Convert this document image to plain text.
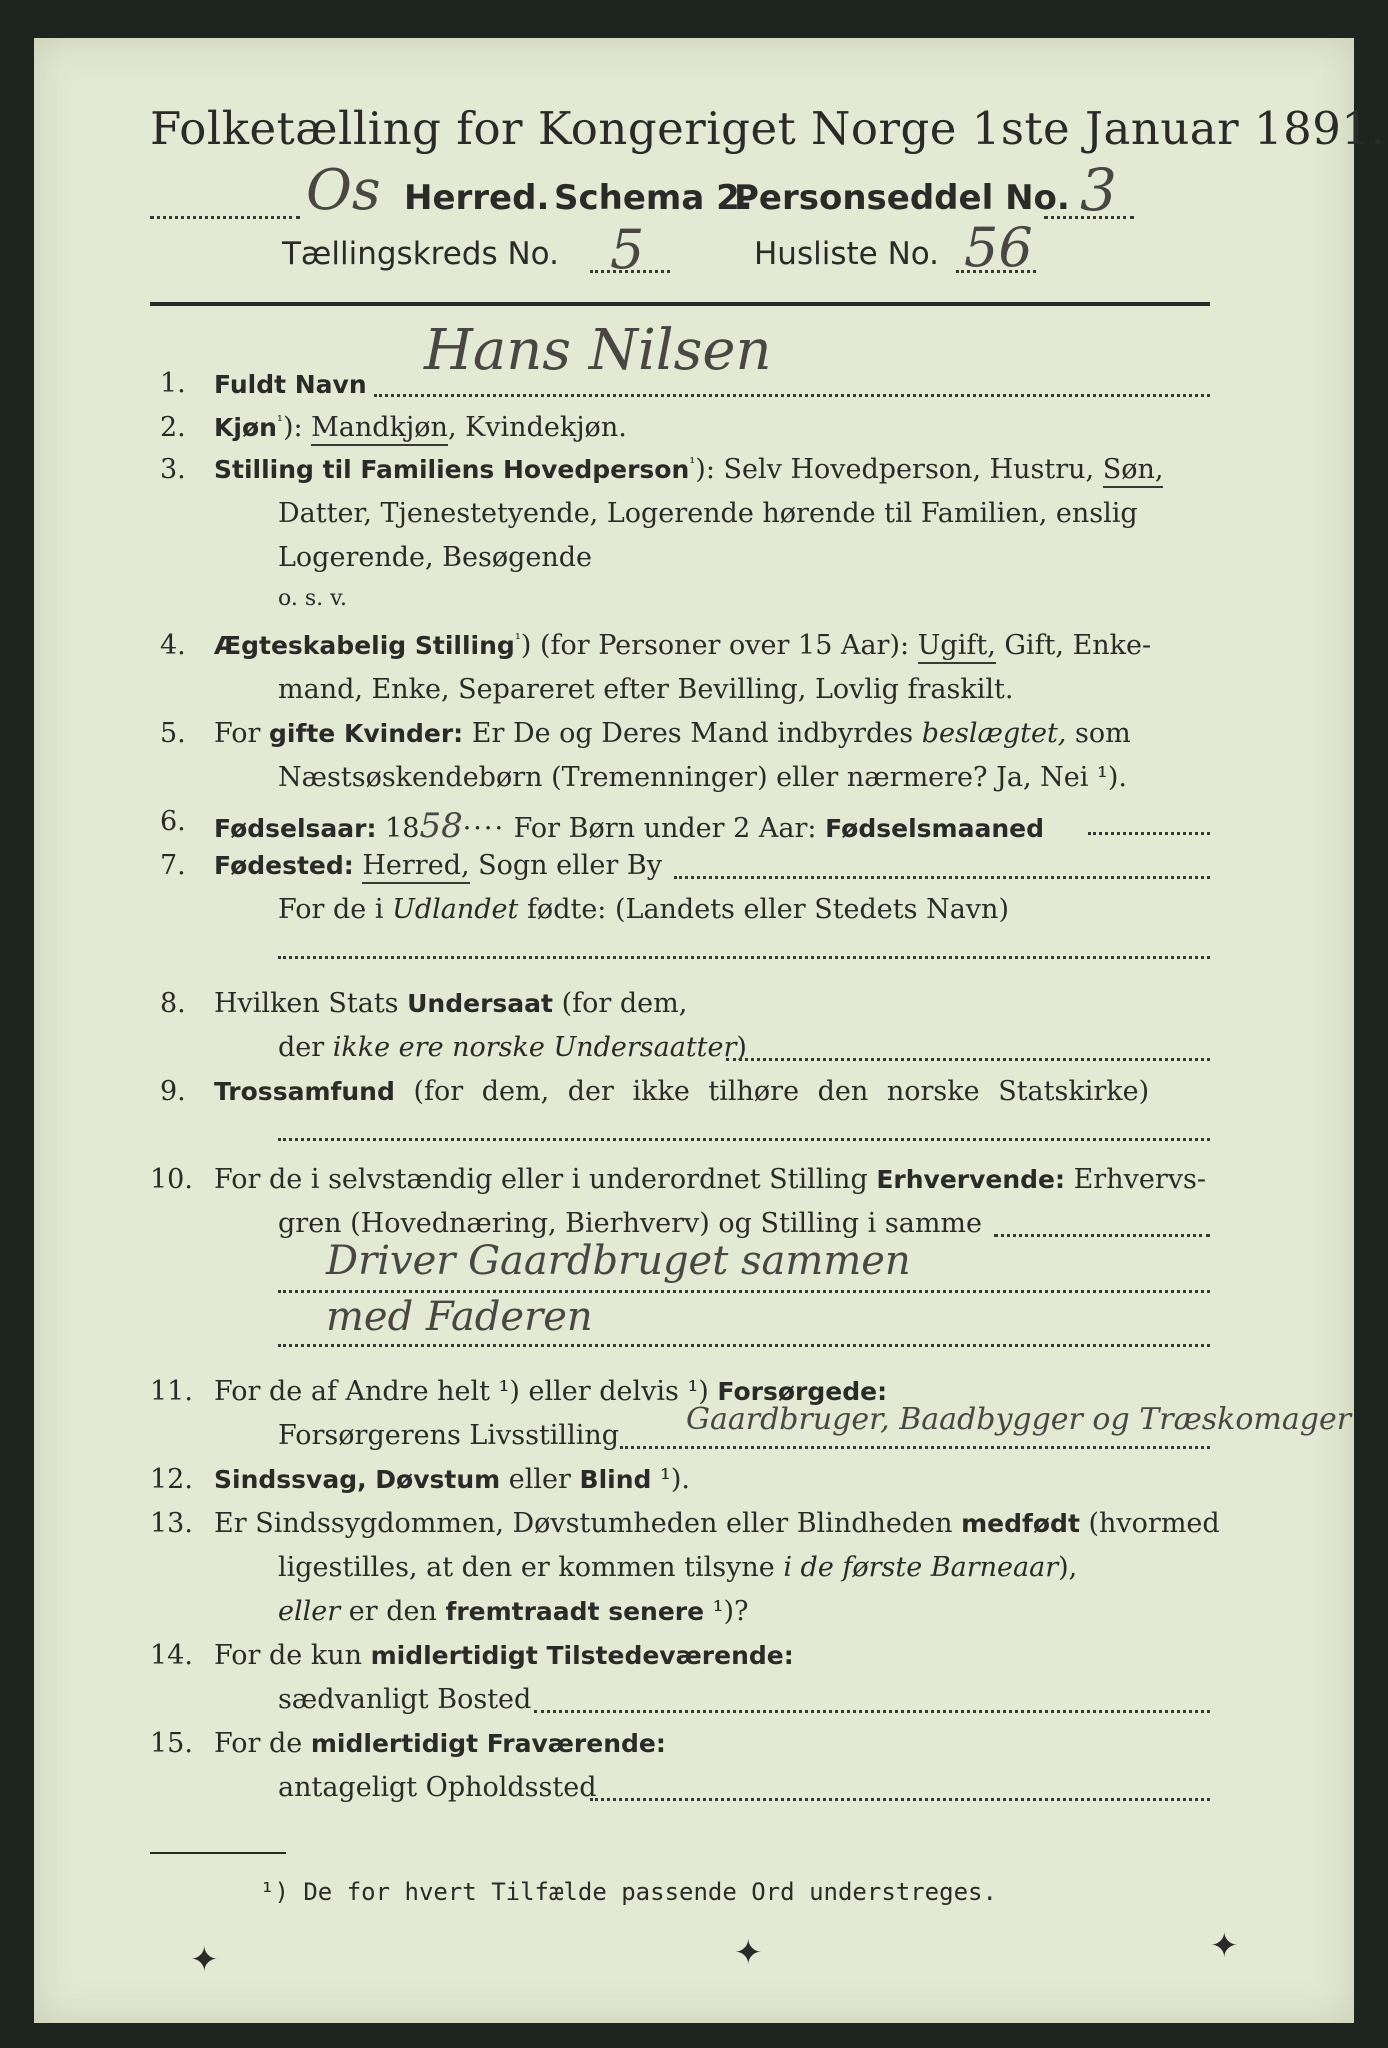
Folketælling for Kongeriget Norge 1ste Januar 1891.
Os Herred. Schema 2.
Personseddel No. 3
Tællingskreds No. 5	Husliste No. 56
1. Fuldt Navn
Hans Nilsen
2. Kjøn$^{^1}$): Mandkjøn, Kvindekjøn.
3. Stilling til Familiens Hovedperson$^{^1}$): Selv Hovedperson, Hustru, Søn,
Datter, Tjenestetyende, Logerende hørende til Familien, enslig
Logerende, Besøgende
o. s. v.
4. Ægteskabelig Stilling$^{^1}$) (for Personer over 15 Aar): Ugift, Gift, Enke-
mand, Enke, Separeret efter Bevilling, Lovlig fraskilt.
5. For gifte Kvinder: Er De og Deres Mand indbyrdes beslægtet, som
Næstsøskendebørn (Tremenninger) eller nærmere? Ja, Nei ¹).
6. Fødselsaar: 1858···· For Børn under 2 Aar: Fødselsmaaned
7. Fødested: Herred, Sogn eller By
For de i Udlandet fødte: (Landets eller Stedets Navn)
8. Hvilken Stats Undersaat (for dem,
der ikke ere norske Undersaatter)
9. Trossamfund (for dem, der ikke tilhøre den norske Statskirke)
10. For de i selvstændig eller i underordnet Stilling Erhvervende: Erhvervs-
gren (Hovednæring, Bierhverv) og Stilling i samme
Driver Gaardbruget sammen
med Faderen
11. For de af Andre helt ¹) eller delvis ¹) Forsørgede:
Forsørgerens Livsstilling Gaardbruger, Baadbygger og Træskomager
12. Sindssvag, Døvstum eller Blind ¹).
13. Er Sindssygdommen, Døvstumheden eller Blindheden medfødt (hvormed
ligestilles, at den er kommen tilsyne i de første Barneaar),
eller er den fremtraadt senere ¹)?
14. For de kun midlertidigt Tilstedeværende:
sædvanligt Bosted
15. For de midlertidigt Fraværende:
antageligt Opholdssted
¹) De for hvert Tilfælde passende Ord understreges.
✦	✦	✦
